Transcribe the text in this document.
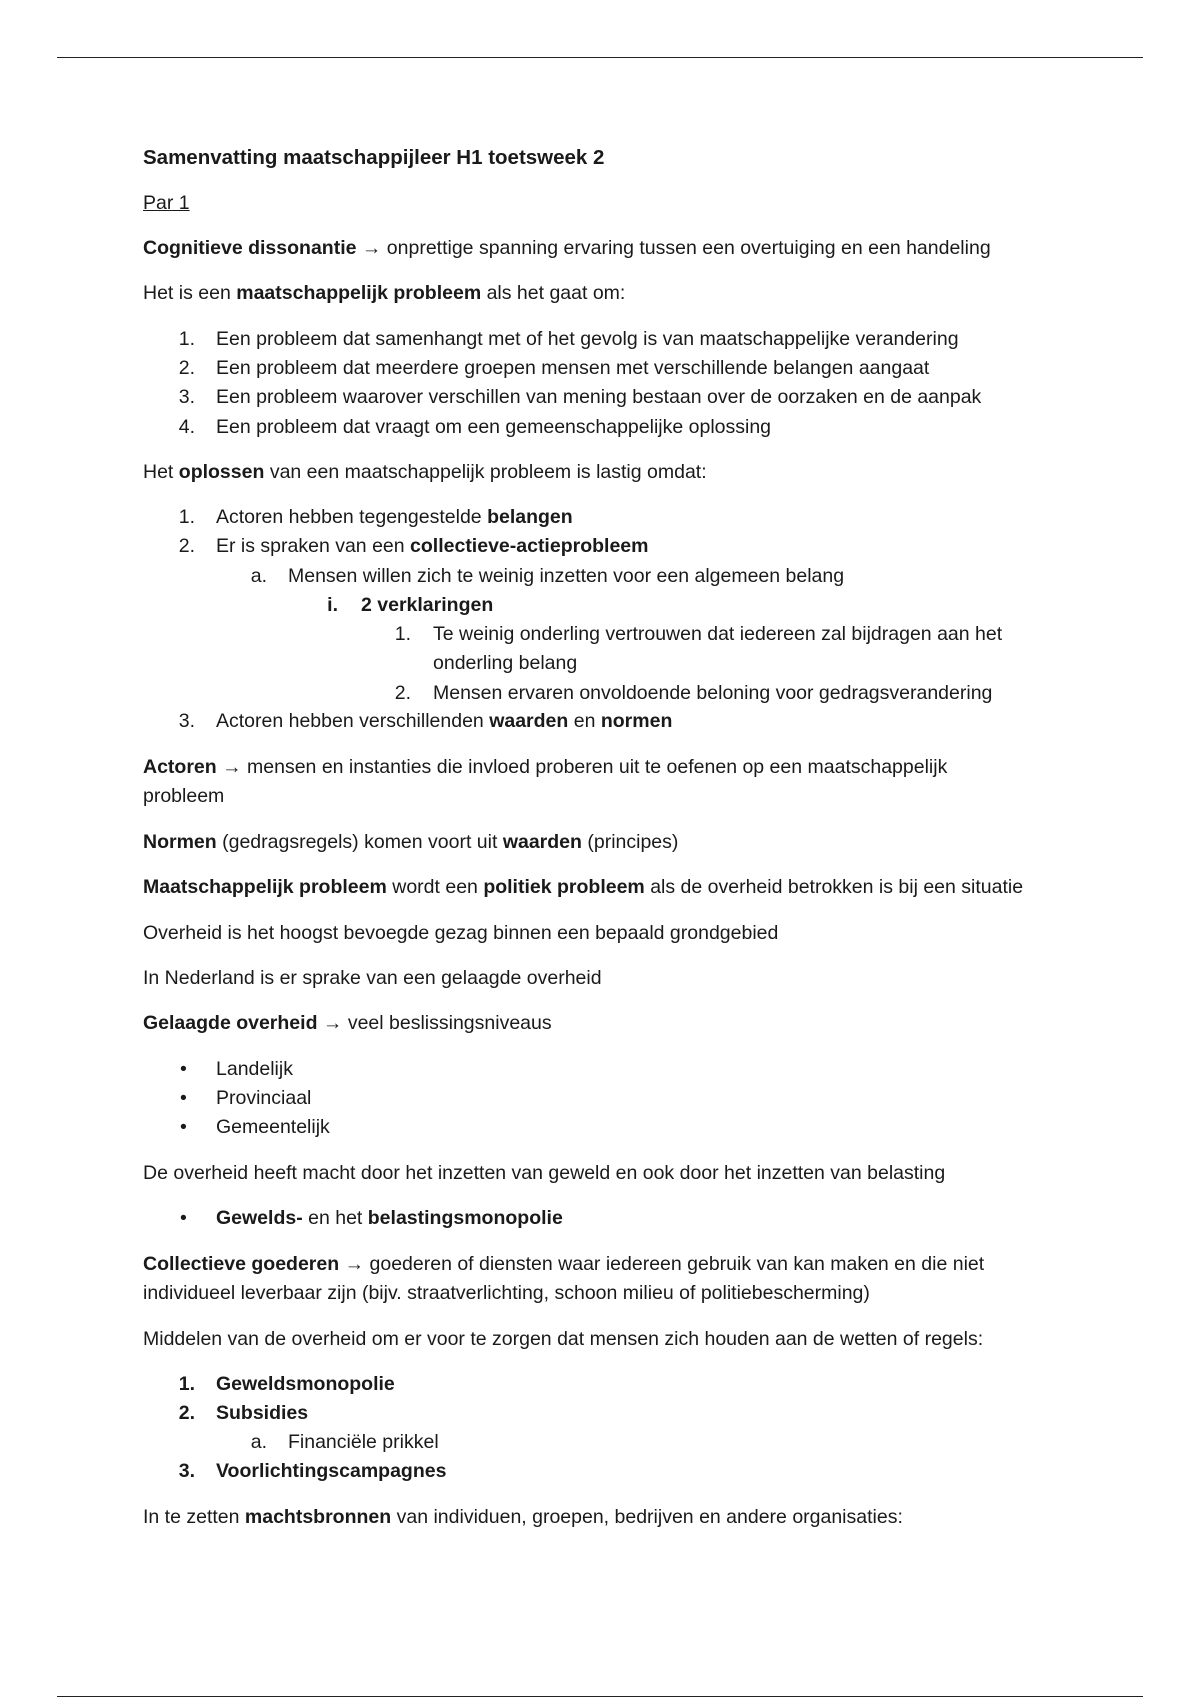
Samenvatting maatschappijleer H1 toetsweek 2
Par 1
Cognitieve dissonantie → onprettige spanning ervaring tussen een overtuiging en een handeling
Het is een maatschappelijk probleem als het gaat om:
1. Een probleem dat samenhangt met of het gevolg is van maatschappelijke verandering
2. Een probleem dat meerdere groepen mensen met verschillende belangen aangaat
3. Een probleem waarover verschillen van mening bestaan over de oorzaken en de aanpak
4. Een probleem dat vraagt om een gemeenschappelijke oplossing
Het oplossen van een maatschappelijk probleem is lastig omdat:
1. Actoren hebben tegengestelde belangen
2. Er is spraken van een collectieve-actieprobleem
a. Mensen willen zich te weinig inzetten voor een algemeen belang
i. 2 verklaringen
1. Te weinig onderling vertrouwen dat iedereen zal bijdragen aan het
onderling belang
2. Mensen ervaren onvoldoende beloning voor gedragsverandering
3. Actoren hebben verschillenden waarden en normen
Actoren → mensen en instanties die invloed proberen uit te oefenen op een maatschappelijk
probleem
Normen (gedragsregels) komen voort uit waarden (principes)
Maatschappelijk probleem wordt een politiek probleem als de overheid betrokken is bij een situatie
Overheid is het hoogst bevoegde gezag binnen een bepaald grondgebied
In Nederland is er sprake van een gelaagde overheid
Gelaagde overheid → veel beslissingsniveaus
• Landelijk
• Provinciaal
• Gemeentelijk
De overheid heeft macht door het inzetten van geweld en ook door het inzetten van belasting
• Gewelds- en het belastingsmonopolie
Collectieve goederen → goederen of diensten waar iedereen gebruik van kan maken en die niet
individueel leverbaar zijn (bijv. straatverlichting, schoon milieu of politiebescherming)
Middelen van de overheid om er voor te zorgen dat mensen zich houden aan de wetten of regels:
1. Geweldsmonopolie
2. Subsidies
a. Financiële prikkel
3. Voorlichtingscampagnes
In te zetten machtsbronnen van individuen, groepen, bedrijven en andere organisaties:
